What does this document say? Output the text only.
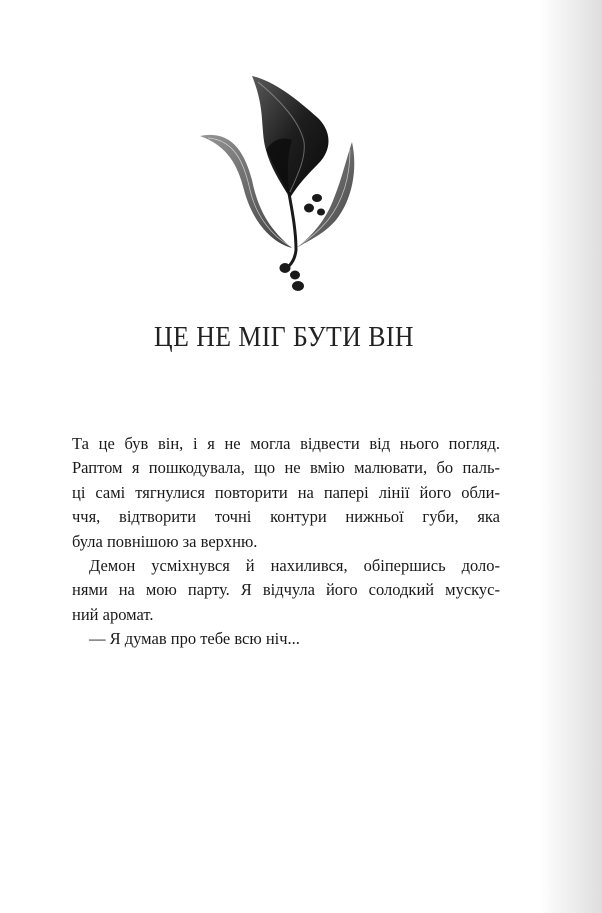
ЦЕ НЕ МІГ БУТИ ВІН
Та це був він, і я не могла відвести від нього погляд.
Раптом я пошкодувала, що не вмію малювати, бо паль-
ці самі тягнулися повторити на папері лінії його обли-
ччя, відтворити точні контури нижньої губи, яка
була повнішою за верхню.
Демон усміхнувся й нахилився, обіпершись доло-
нями на мою парту. Я відчула його солодкий мускус-
ний аромат.
— Я думав про тебе всю ніч...
